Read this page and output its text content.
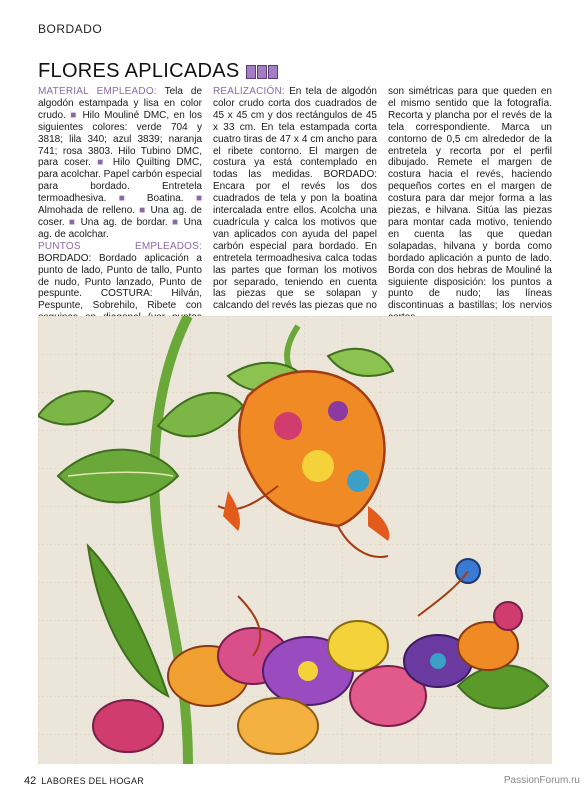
BORDADO
FLORES APLICADAS
MATERIAL EMPLEADO: Tela de algodón estampada y lisa en color crudo. ■ Hilo Mouliné DMC, en los siguientes colores: verde 704 y 3818; lila 340; azul 3839; naranja 741; rosa 3803. Hilo Tubino DMC, para coser. ■ Hilo Quilting DMC, para acolchar. Papel carbón especial para bordado. Entretela termoadhesiva. ■ Boatina. ■ Almohada de relleno. ■ Una ag. de coser. ■ Una ag. de bordar. ■ Una ag. de acolchar.
PUNTOS EMPLEADOS: BORDADO: Bordado aplicación a punto de lado, Punto de tallo, Punto de nudo, Punto lanzado, Punto de pespunte. COSTURA: Hilván, Pespunte, Sobrehilo, Ribete con
REALIZACIÓN: En tela de algodón color crudo corta dos cuadrados de 45 x 45 cm y dos rectángulos de 45 x 33 cm. En tela estampada corta cuatro tiras de 47 x 4 cm ancho para el ribete contorno. El margen de costura ya está contemplado en todas las medidas. BORDADO: Encara por el revés los dos cuadrados de tela y pon la boatina intercalada entre ellos. Acolcha una cuadrícula y calca los motivos que van aplicados con ayuda del papel carbón especial para bordado. En entretela termoadhesiva calca todas las partes que forman los motivos por separado, teniendo en cuenta las piezas que se solapan y calcando del revés las piezas que no
son simétricas para que queden en el mismo sentido que la fotografía. Recorta y plancha por el revés de la tela correspondiente. Marca un contorno de 0,5 cm alrededor de la entretela y recorta por el perfil dibujado. Remete el margen de costura hacia el revés, haciendo pequeños cortes en el margen de costura para dar mejor forma a las piezas, e hilvana. Sitúa las piezas para montar cada motivo, teniendo en cuenta las que quedan solapadas, hilvana y borda como bordado aplicación a punto de lado. Borda con dos hebras de Mouliné la siguiente disposición: los puntos a punto de nudo; las líneas discontinuas a bastillas; los nervios
42 LABORES DEL HOGAR	PassionForum.ru
